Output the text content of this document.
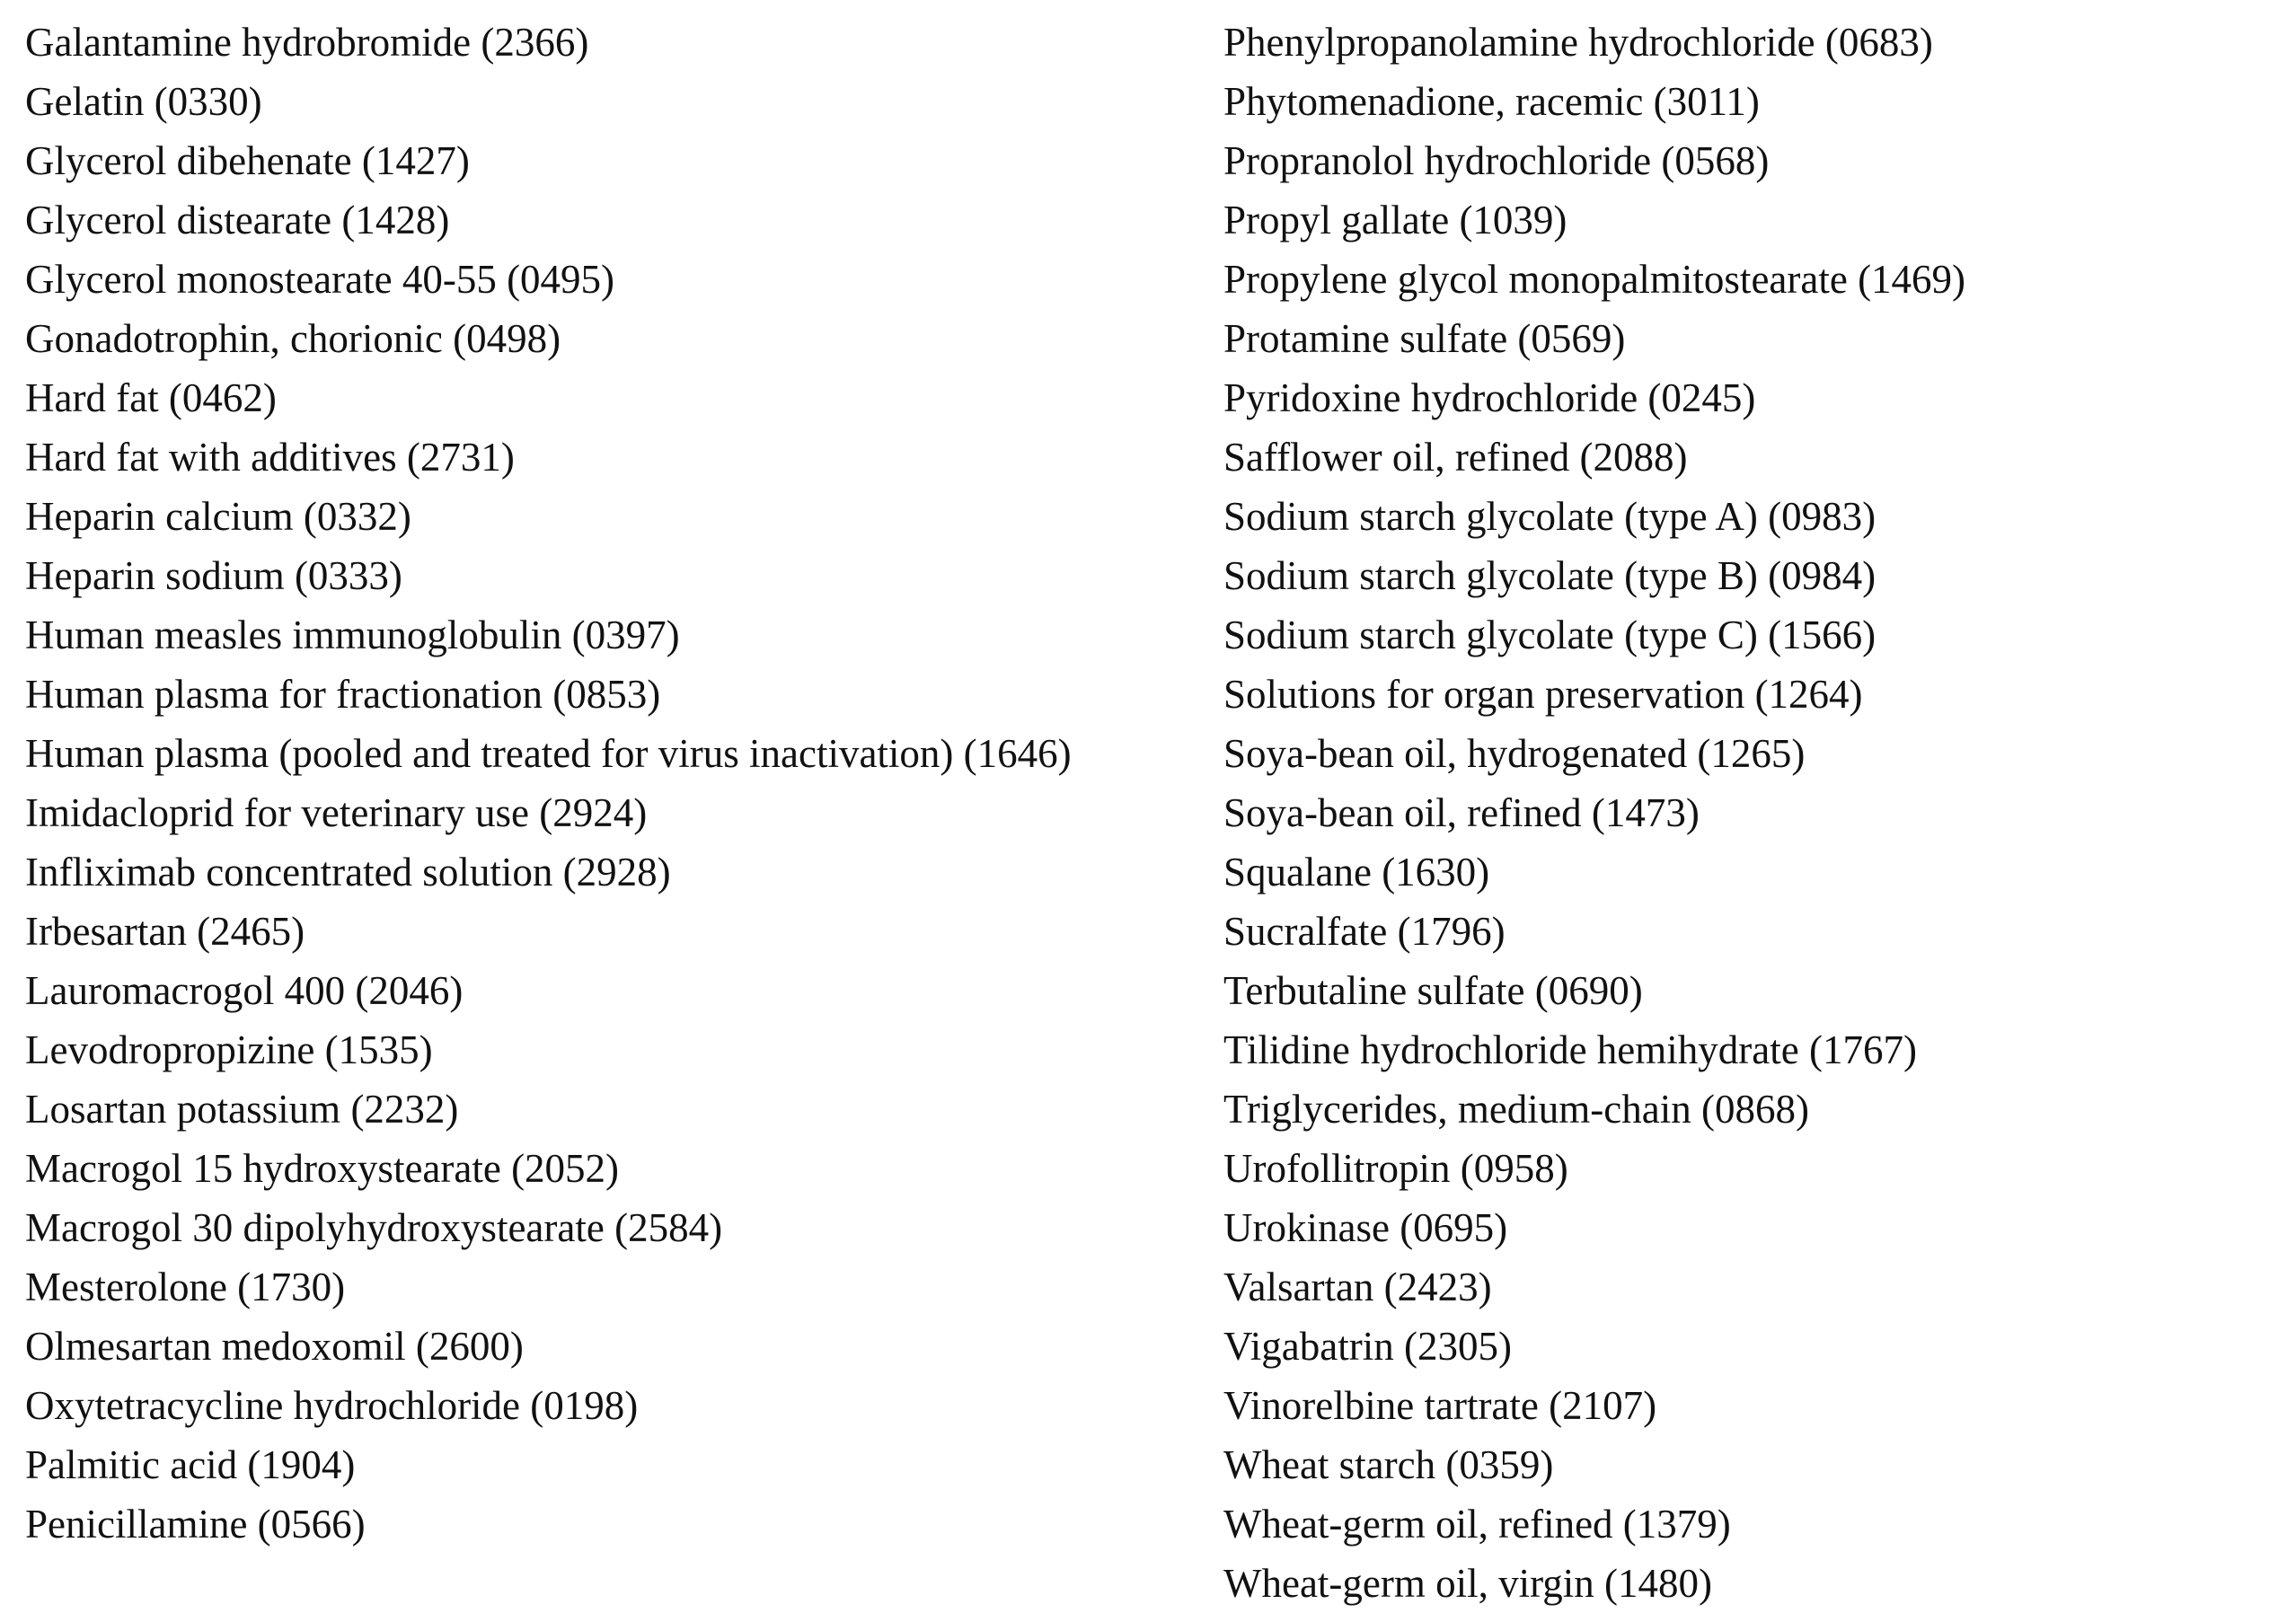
Galantamine hydrobromide (2366)
Gelatin (0330)
Glycerol dibehenate (1427)
Glycerol distearate (1428)
Glycerol monostearate 40-55 (0495)
Gonadotrophin, chorionic (0498)
Hard fat (0462)
Hard fat with additives (2731)
Heparin calcium (0332)
Heparin sodium (0333)
Human measles immunoglobulin (0397)
Human plasma for fractionation (0853)
Human plasma (pooled and treated for virus inactivation) (1646)
Imidacloprid for veterinary use (2924)
Infliximab concentrated solution (2928)
Irbesartan (2465)
Lauromacrogol 400 (2046)
Levodropropizine (1535)
Losartan potassium (2232)
Macrogol 15 hydroxystearate (2052)
Macrogol 30 dipolyhydroxystearate (2584)
Mesterolone (1730)
Olmesartan medoxomil (2600)
Oxytetracycline hydrochloride (0198)
Palmitic acid (1904)
Penicillamine (0566)
Phenylpropanolamine hydrochloride (0683)
Phytomenadione, racemic (3011)
Propranolol hydrochloride (0568)
Propyl gallate (1039)
Propylene glycol monopalmitostearate (1469)
Protamine sulfate (0569)
Pyridoxine hydrochloride (0245)
Safflower oil, refined (2088)
Sodium starch glycolate (type A) (0983)
Sodium starch glycolate (type B) (0984)
Sodium starch glycolate (type C) (1566)
Solutions for organ preservation (1264)
Soya-bean oil, hydrogenated (1265)
Soya-bean oil, refined (1473)
Squalane (1630)
Sucralfate (1796)
Terbutaline sulfate (0690)
Tilidine hydrochloride hemihydrate (1767)
Triglycerides, medium-chain (0868)
Urofollitropin (0958)
Urokinase (0695)
Valsartan (2423)
Vigabatrin (2305)
Vinorelbine tartrate (2107)
Wheat starch (0359)
Wheat-germ oil, refined (1379)
Wheat-germ oil, virgin (1480)
